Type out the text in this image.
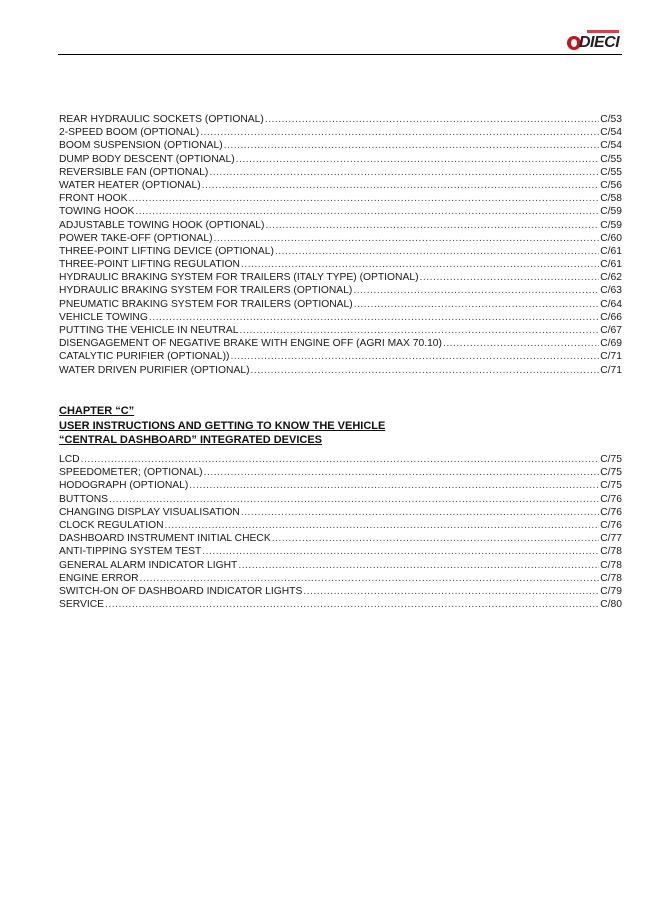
DIECI
REAR HYDRAULIC SOCKETS (OPTIONAL) .....	C/53
2-SPEED BOOM (OPTIONAL) .....	C/54
BOOM SUSPENSION (OPTIONAL) .....	C/54
DUMP BODY DESCENT (OPTIONAL) .....	C/55
REVERSIBLE FAN (OPTIONAL) .....	C/55
WATER HEATER (OPTIONAL) .....	C/56
FRONT HOOK .....	C/58
TOWING HOOK .....	C/59
ADJUSTABLE TOWING HOOK (OPTIONAL) .....	C/59
POWER TAKE-OFF (OPTIONAL) .....	C/60
THREE-POINT LIFTING DEVICE (OPTIONAL) .....	C/61
THREE-POINT LIFTING REGULATION .....	C/61
HYDRAULIC BRAKING SYSTEM FOR TRAILERS (ITALY TYPE) (OPTIONAL) .....	C/62
HYDRAULIC BRAKING SYSTEM FOR TRAILERS (OPTIONAL) .....	C/63
PNEUMATIC BRAKING SYSTEM FOR TRAILERS (OPTIONAL) .....	C/64
VEHICLE TOWING .....	C/66
PUTTING THE VEHICLE IN NEUTRAL .....	C/67
DISENGAGEMENT OF NEGATIVE BRAKE WITH ENGINE OFF (AGRI MAX 70.10) .....	C/69
CATALYTIC PURIFIER (OPTIONAL)) .....	C/71
WATER DRIVEN PURIFIER (OPTIONAL) .....	C/71
CHAPTER “C”
USER INSTRUCTIONS AND GETTING TO KNOW THE VEHICLE
“CENTRAL DASHBOARD” INTEGRATED DEVICES
LCD .....	C/75
SPEEDOMETER; (OPTIONAL) .....	C/75
HODOGRAPH (OPTIONAL) .....	C/75
BUTTONS .....	C/76
CHANGING DISPLAY VISUALISATION .....	C/76
CLOCK REGULATION .....	C/76
DASHBOARD INSTRUMENT INITIAL CHECK .....	C/77
ANTI-TIPPING SYSTEM TEST .....	C/78
GENERAL ALARM INDICATOR LIGHT .....	C/78
ENGINE ERROR .....	C/78
SWITCH-ON OF DASHBOARD INDICATOR LIGHTS .....	C/79
SERVICE .....	C/80
